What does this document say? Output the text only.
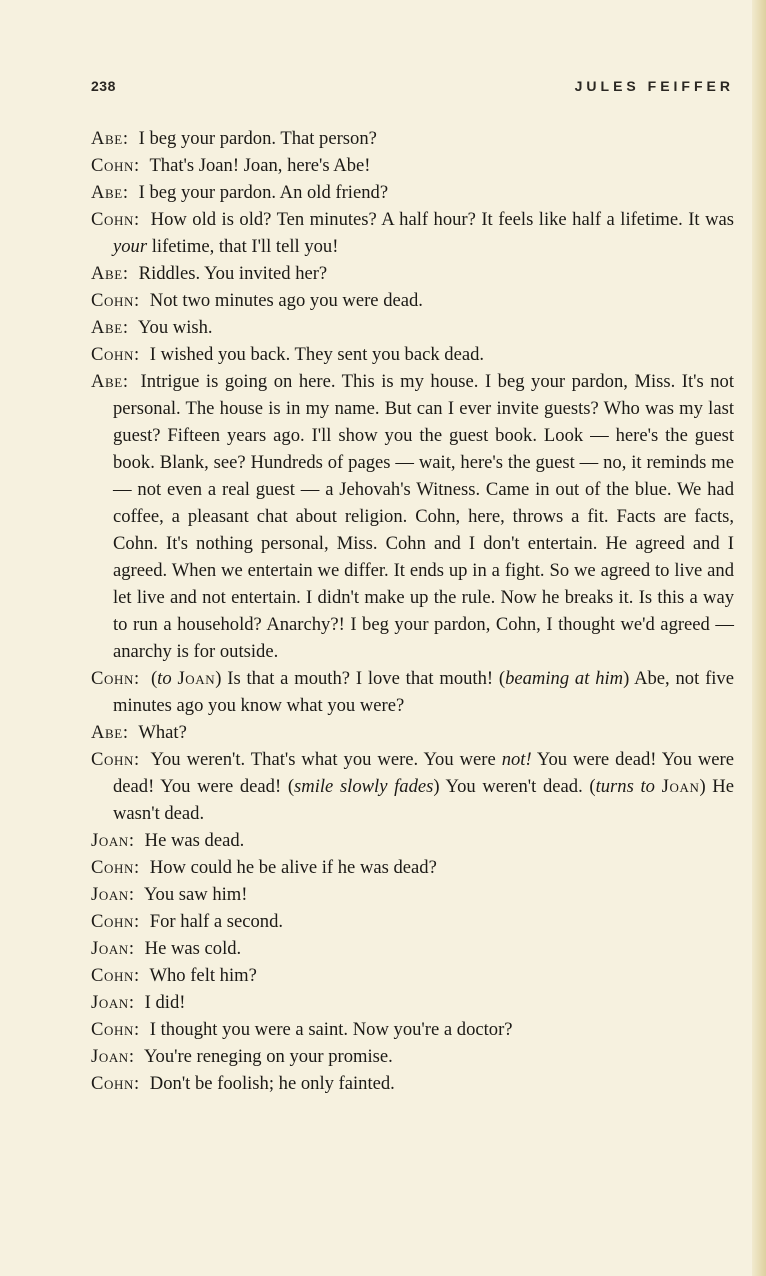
238	JULES FEIFFER
Abe: I beg your pardon. That person?
Cohn: That's Joan! Joan, here's Abe!
Abe: I beg your pardon. An old friend?
Cohn: How old is old? Ten minutes? A half hour? It feels like half a lifetime. It was your lifetime, that I'll tell you!
Abe: Riddles. You invited her?
Cohn: Not two minutes ago you were dead.
Abe: You wish.
Cohn: I wished you back. They sent you back dead.
Abe: Intrigue is going on here. This is my house. I beg your pardon, Miss. It's not personal. The house is in my name. But can I ever invite guests? Who was my last guest? Fifteen years ago. I'll show you the guest book. Look — here's the guest book. Blank, see? Hundreds of pages — wait, here's the guest — no, it reminds me — not even a real guest — a Jehovah's Witness. Came in out of the blue. We had coffee, a pleasant chat about religion. Cohn, here, throws a fit. Facts are facts, Cohn. It's nothing personal, Miss. Cohn and I don't entertain. He agreed and I agreed. When we entertain we differ. It ends up in a fight. So we agreed to live and let live and not entertain. I didn't make up the rule. Now he breaks it. Is this a way to run a household? Anarchy?! I beg your pardon, Cohn, I thought we'd agreed — anarchy is for outside.
Cohn: (to Joan) Is that a mouth? I love that mouth! (beaming at him) Abe, not five minutes ago you know what you were?
Abe: What?
Cohn: You weren't. That's what you were. You were not! You were dead! You were dead! You were dead! (smile slowly fades) You weren't dead. (turns to Joan) He wasn't dead.
Joan: He was dead.
Cohn: How could he be alive if he was dead?
Joan: You saw him!
Cohn: For half a second.
Joan: He was cold.
Cohn: Who felt him?
Joan: I did!
Cohn: I thought you were a saint. Now you're a doctor?
Joan: You're reneging on your promise.
Cohn: Don't be foolish; he only fainted.
